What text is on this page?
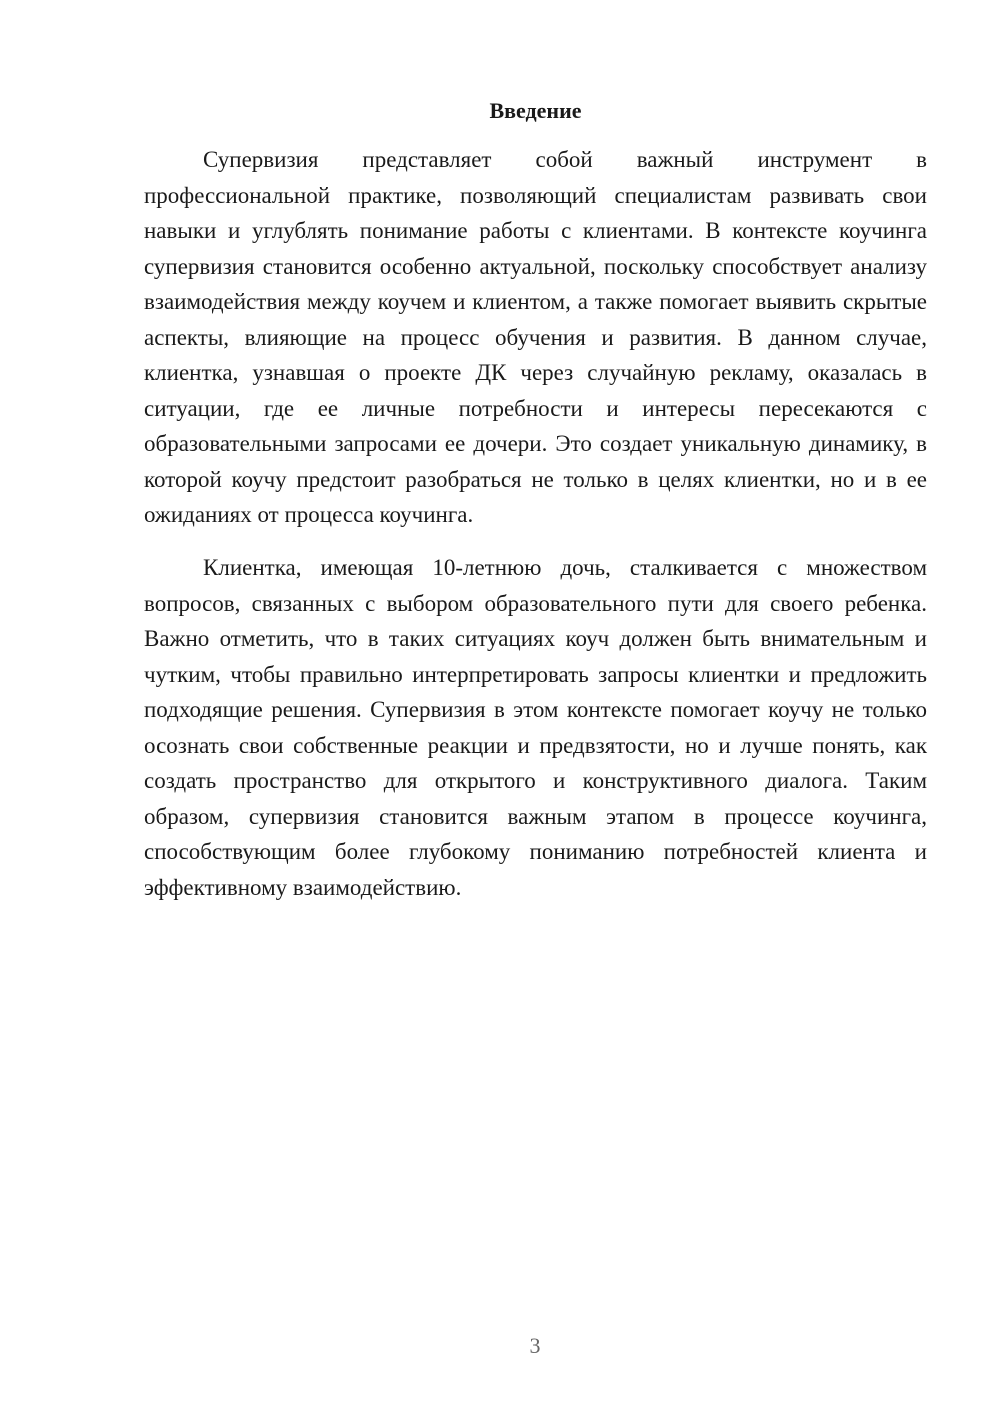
Введение

Супервизия представляет собой важный инструмент в профессиональной практике, позволяющий специалистам развивать свои навыки и углублять понимание работы с клиентами. В контексте коучинга супервизия становится особенно актуальной, поскольку способствует анализу взаимодействия между коучем и клиентом, а также помогает выявить скрытые аспекты, влияющие на процесс обучения и развития. В данном случае, клиентка, узнавшая о проекте ДК через случайную рекламу, оказалась в ситуации, где ее личные потребности и интересы пересекаются с образовательными запросами ее дочери. Это создает уникальную динамику, в которой коучу предстоит разобраться не только в целях клиентки, но и в ее ожиданиях от процесса коучинга.

Клиентка, имеющая 10-летнюю дочь, сталкивается с множеством вопросов, связанных с выбором образовательного пути для своего ребенка. Важно отметить, что в таких ситуациях коуч должен быть внимательным и чутким, чтобы правильно интерпретировать запросы клиентки и предложить подходящие решения. Супервизия в этом контексте помогает коучу не только осознать свои собственные реакции и предвзятости, но и лучше понять, как создать пространство для открытого и конструктивного диалога. Таким образом, супервизия становится важным этапом в процессе коучинга, способствующим более глубокому пониманию потребностей клиента и эффективному взаимодействию.

3
